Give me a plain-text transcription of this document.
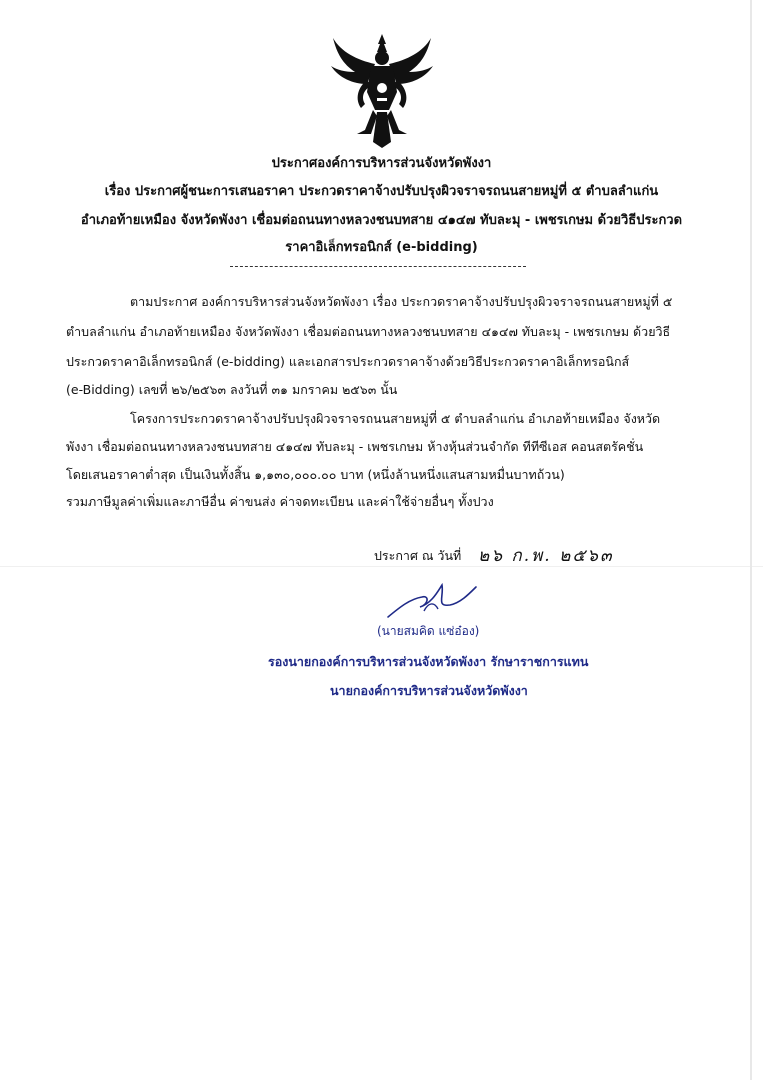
ประกาศองค์การบริหารส่วนจังหวัดพังงา
เรื่อง ประกาศผู้ชนะการเสนอราคา ประกวดราคาจ้างปรับปรุงผิวจราจรถนนสายหมู่ที่ ๕ ตำบลลำแก่น
อำเภอท้ายเหมือง จังหวัดพังงา เชื่อมต่อถนนทางหลวงชนบทสาย ๔๑๔๗ ทับละมุ - เพชรเกษม ด้วยวิธีประกวด
ราคาอิเล็กทรอนิกส์ (e-bidding)
ตามประกาศ องค์การบริหารส่วนจังหวัดพังงา เรื่อง ประกวดราคาจ้างปรับปรุงผิวจราจรถนนสายหมู่ที่ ๕
ตำบลลำแก่น อำเภอท้ายเหมือง จังหวัดพังงา เชื่อมต่อถนนทางหลวงชนบทสาย ๔๑๔๗ ทับละมุ - เพชรเกษม ด้วยวิธี
ประกวดราคาอิเล็กทรอนิกส์ (e-bidding) และเอกสารประกวดราคาจ้างด้วยวิธีประกวดราคาอิเล็กทรอนิกส์
(e-Bidding) เลขที่ ๒๖/๒๕๖๓ ลงวันที่ ๓๑ มกราคม ๒๕๖๓ นั้น
โครงการประกวดราคาจ้างปรับปรุงผิวจราจรถนนสายหมู่ที่ ๕ ตำบลลำแก่น อำเภอท้ายเหมือง จังหวัด
พังงา เชื่อมต่อถนนทางหลวงชนบทสาย ๔๑๔๗ ทับละมุ - เพชรเกษม ห้างหุ้นส่วนจำกัด ทีทีซีเอส คอนสตรัคชั่น
โดยเสนอราคาต่ำสุด เป็นเงินทั้งสิ้น ๑,๑๓๐,๐๐๐.๐๐ บาท (หนึ่งล้านหนึ่งแสนสามหมื่นบาทถ้วน)
รวมภาษีมูลค่าเพิ่มและภาษีอื่น ค่าขนส่ง ค่าจดทะเบียน และค่าใช้จ่ายอื่นๆ ทั้งปวง
ประกาศ ณ วันที่ ๒๖ ก.พ. ๒๕๖๓
(นายสมคิด แซ่อ๋อง)
รองนายกองค์การบริหารส่วนจังหวัดพังงา รักษาราชการแทน
นายกองค์การบริหารส่วนจังหวัดพังงา
